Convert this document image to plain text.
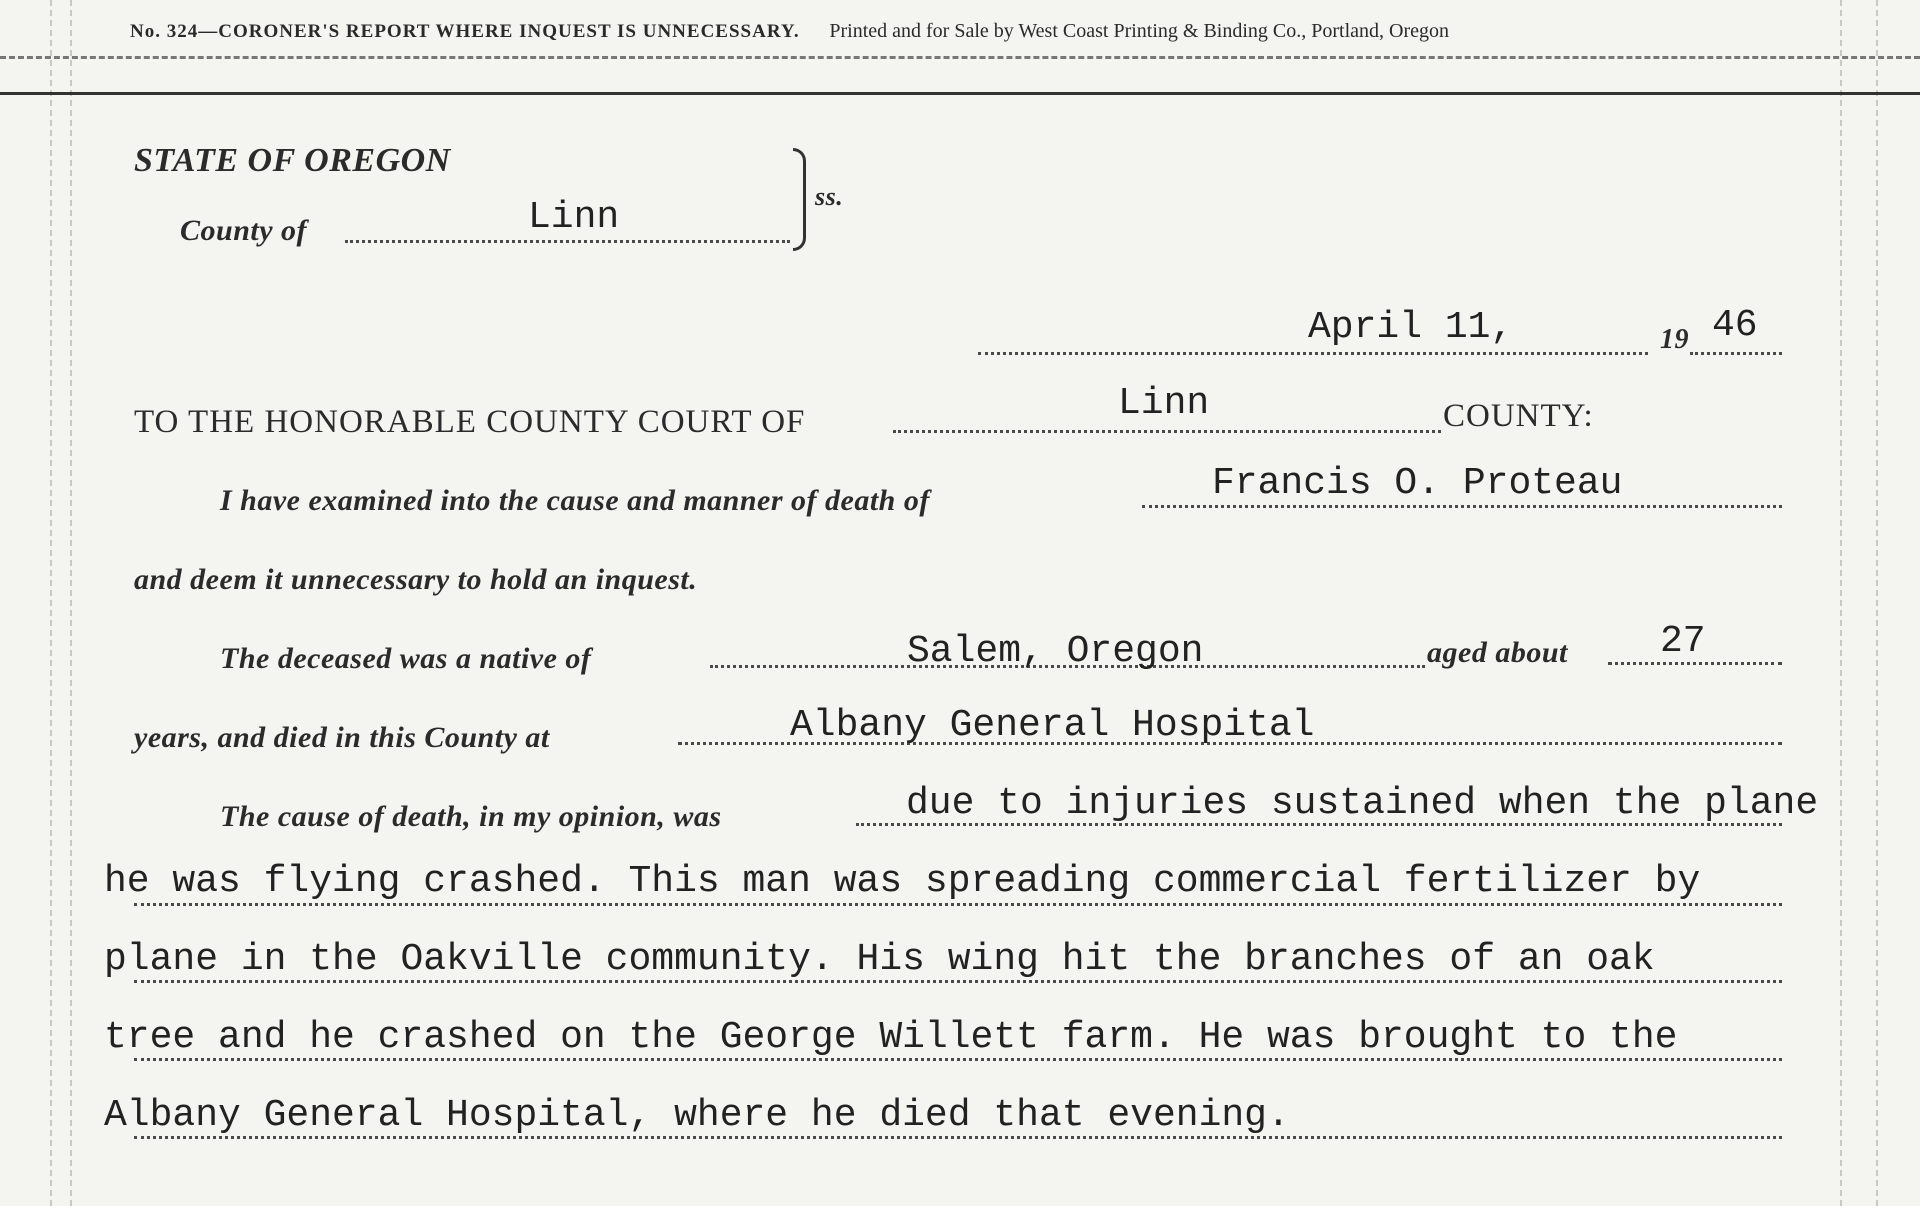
No. 324—CORONER'S REPORT WHERE INQUEST IS UNNECESSARY. Printed and for Sale by West Coast Printing & Binding Co., Portland, Oregon
STATE OF OREGON
County of	Linn	ss.
April 11,	19 46
TO THE HONORABLE COUNTY COURT OF	Linn	COUNTY:
I have examined into the cause and manner of death of	Francis O. Proteau
and deem it unnecessary to hold an inquest.
The deceased was a native of	Salem, Oregon	aged about 27
years, and died in this County at	Albany General Hospital
The cause of death, in my opinion, was	due to injuries sustained when the plane
he was flying crashed. This man was spreading commercial fertilizer by
plane in the Oakville community. His wing hit the branches of an oak
tree and he crashed on the George Willett farm. He was brought to the
Albany General Hospital, where he died that evening.
